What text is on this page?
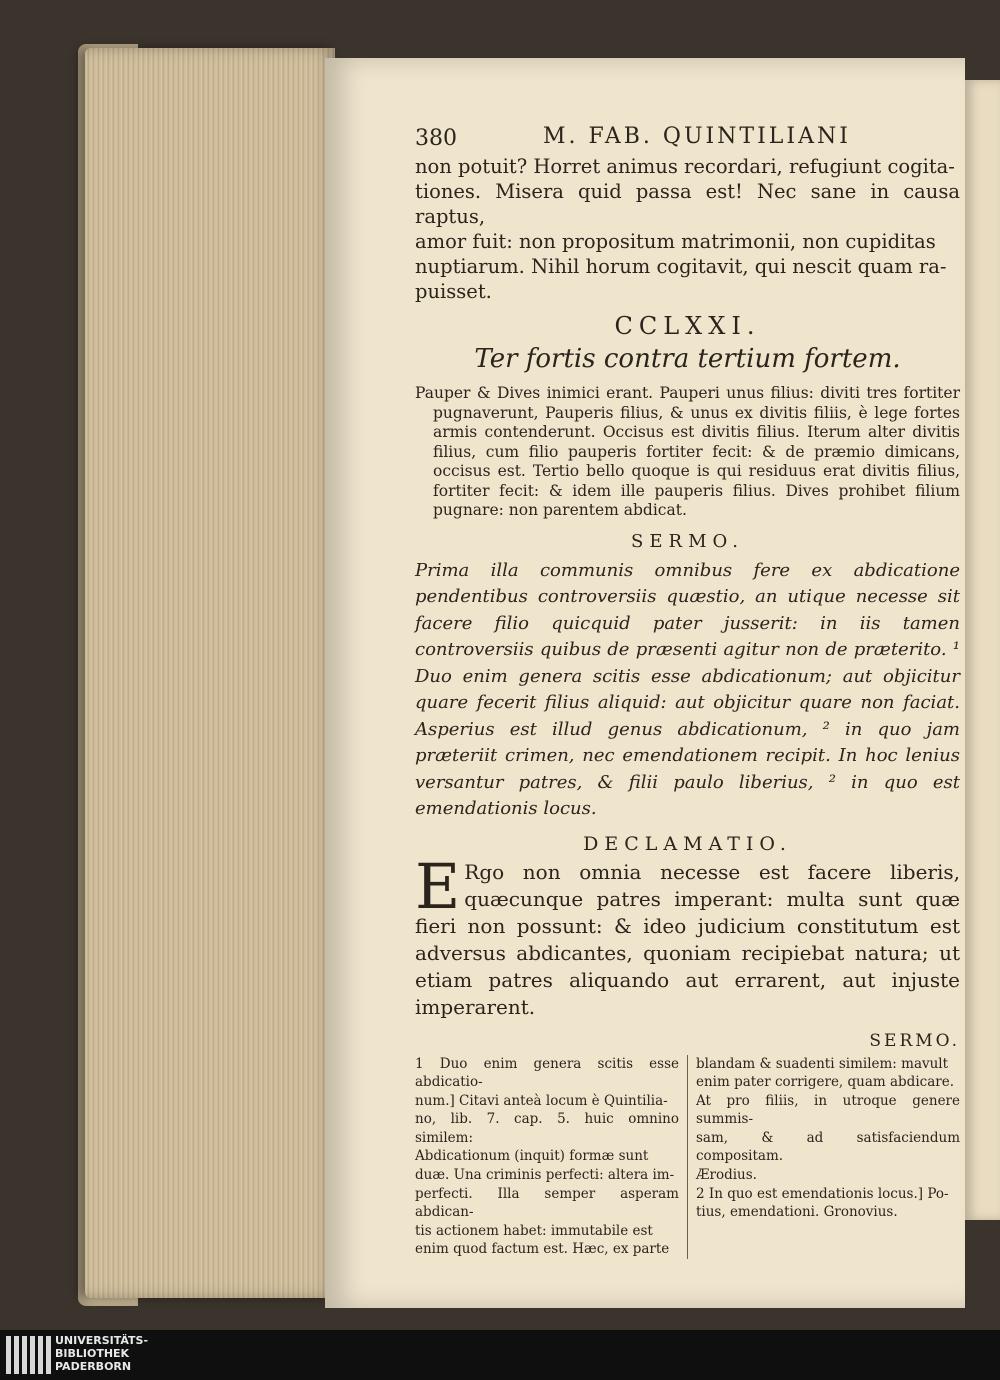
380	M. FAB. QUINTILIANI

non potuit? Horret animus recordari, refugiunt cogita-

tiones. Misera quid passa est! Nec sane in causa raptus,

amor fuit: non propositum matrimonii, non cupiditas

nuptiarum. Nihil horum cogitavit, qui nescit quam ra-

puisset.

CCLXXI.
Ter fortis contra tertium fortem.

Pauper & Dives inimici erant. Pauperi unus filius: diviti tres fortiter pugnaverunt, Pauperis filius, & unus ex divitis filiis, è lege fortes armis contenderunt. Occisus est divitis filius. Iterum alter divitis filius, cum filio pauperis fortiter fecit: & de præmio dimicans, occisus est. Tertio bello quoque is qui residuus erat divitis filius, fortiter fecit: & idem ille pauperis filius. Dives prohibet filium pugnare: non parentem abdicat.

SERMO.

Prima illa communis omnibus fere ex abdicatione pendentibus controversiis quæstio, an utique necesse sit facere filio quicquid pater jusserit: in iis tamen controversiis quibus de præsenti agitur non de præterito. ¹ Duo enim genera scitis esse abdicationum; aut objicitur quare fecerit filius aliquid: aut objicitur quare non faciat. Asperius est illud genus abdicationum, ² in quo jam præteriit crimen, nec emendationem recipit. In hoc lenius versantur patres, & filii paulo liberius, ² in quo est emendationis locus.

DECLAMATIO.
E Rgo non omnia necesse est facere liberis, quæcunque patres imperant: multa sunt quæ fieri non possunt: & ideo judicium constitutum est adversus abdicantes, quoniam recipiebat natura; ut etiam patres aliquando aut errarent, aut injuste imperarent.

SERMO.

1 Duo enim genera scitis esse abdicatio-

num.] Citavi anteà locum è Quintilia-

no, lib. 7. cap. 5. huic omnino similem:

Abdicationum (inquit) formæ sunt

duæ. Una criminis perfecti: altera im-

perfecti. Illa semper asperam abdican-

tis actionem habet: immutabile est

enim quod factum est. Hæc, ex parte

blandam & suadenti similem: mavult

enim pater corrigere, quam abdicare.

At pro filiis, in utroque genere summis-

sam, & ad satisfaciendum compositam.

Ærodius.

2 In quo est emendationis locus.] Po-

tius, emendationi. Gronovius.

UNIVERSITÄTS-
BIBLIOTHEK
PADERBORN
